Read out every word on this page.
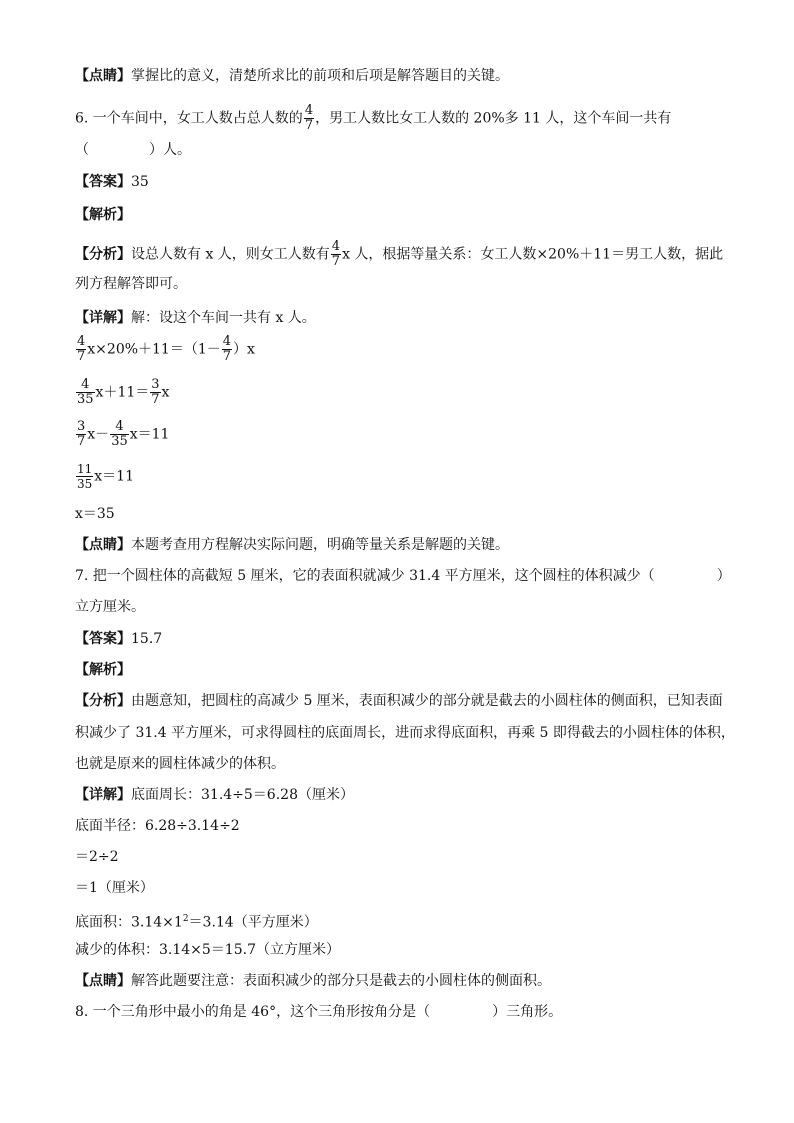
【点睛】掌握比的意义，清楚所求比的前项和后项是解答题目的关键。
6. 一个车间中，女工人数占总人数的 $\frac{4}{7}$ ，男工人数比女工人数的 20%多 11 人，这个车间一共有
（	）人。
【答案】35
【解析】
【分析】设总人数有 x 人，则女工人数有 $\frac{4}{7}$ x 人，根据等量关系：女工人数×20%＋11＝男工人数，据此
列方程解答即可。
【详解】解：设这个车间一共有 x 人。
$\frac{4}{7} x\times 20\%+11=(1- \frac{4}{7} )x$
$\frac{4}{35} x+11= \frac{3}{7}$ x
$\frac{3}{7} x- \frac{4}{35} x=11$
$\frac{11}{35} x=11$
x＝35
【点睛】本题考查用方程解决实际问题，明确等量关系是解题的关键。
7. 把一个圆柱体的高截短 5 厘米，它的表面积就减少 31.4 平方厘米，这个圆柱的体积减少（	）
立方厘米。
【答案】15.7
【解析】
【分析】由题意知，把圆柱的高减少 5 厘米，表面积减少的部分就是截去的小圆柱体的侧面积，已知表面
积减少了 31.4 平方厘米，可求得圆柱的底面周长，进而求得底面积，再乘 5 即得截去的小圆柱体的体积，
也就是原来的圆柱体减少的体积。
【详解】底面周长：31.4÷5＝6.28（厘米）
底面半径：6.28÷3.14÷2
＝2÷2
＝1（厘米）
底面积：$3.14\times 1^2=3.14$（平方厘米）
减少的体积：3.14×5＝15.7（立方厘米）
【点睛】解答此题要注意：表面积减少的部分只是截去的小圆柱体的侧面积。
8. 一个三角形中最小的角是 46°，这个三角形按角分是（	）三角形。
